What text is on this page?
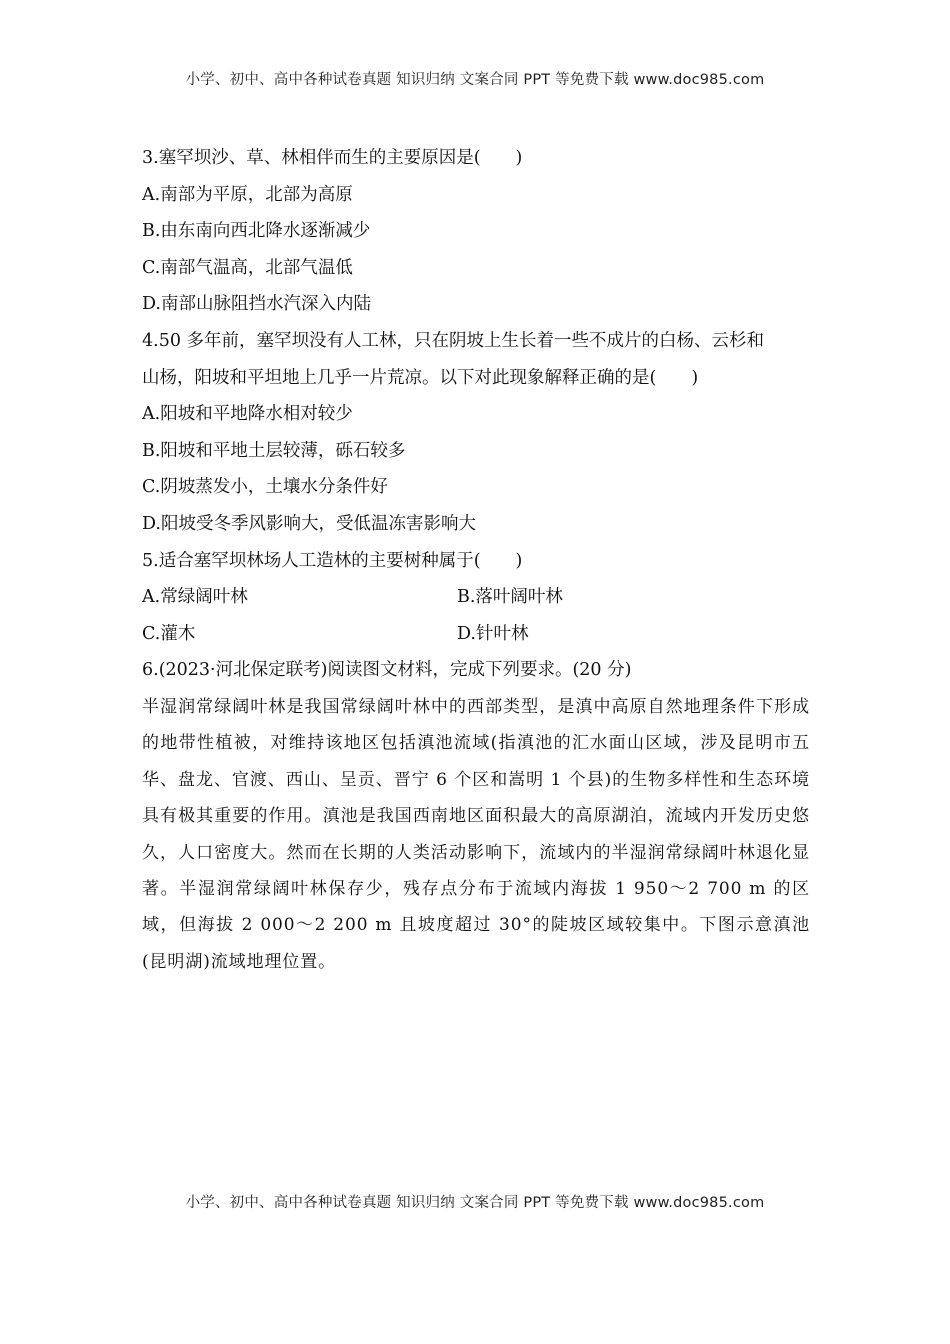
小学、初中、高中各种试卷真题 知识归纳 文案合同 PPT 等免费下载 www.doc985.com
3.塞罕坝沙、草、林相伴而生的主要原因是(　　)
A.南部为平原，北部为高原
B.由东南向西北降水逐渐减少
C.南部气温高，北部气温低
D.南部山脉阻挡水汽深入内陆
4.50 多年前，塞罕坝没有人工林，只在阴坡上生长着一些不成片的白杨、云杉和
山杨，阳坡和平坦地上几乎一片荒凉。以下对此现象解释正确的是(　　)
A.阳坡和平地降水相对较少
B.阳坡和平地土层较薄，砾石较多
C.阴坡蒸发小，土壤水分条件好
D.阳坡受冬季风影响大，受低温冻害影响大
5.适合塞罕坝林场人工造林的主要树种属于(　　)
A.常绿阔叶林	B.落叶阔叶林
C.灌木	D.针叶林
6.(2023·河北保定联考)阅读图文材料，完成下列要求。(20 分)
半湿润常绿阔叶林是我国常绿阔叶林中的西部类型，是滇中高原自然地理条件下形成的地带性植被，对维持该地区包括滇池流域(指滇池的汇水面山区域，涉及昆明市五华、盘龙、官渡、西山、呈贡、晋宁 6 个区和嵩明 1 个县)的生物多样性和生态环境具有极其重要的作用。滇池是我国西南地区面积最大的高原湖泊，流域内开发历史悠久，人口密度大。然而在长期的人类活动影响下，流域内的半湿润常绿阔叶林退化显著。半湿润常绿阔叶林保存少，残存点分布于流域内海拔 1 950～2 700 m 的区域，但海拔 2 000～2 200 m 且坡度超过 30°的陡坡区域较集中。下图示意滇池(昆明湖)流域地理位置。
小学、初中、高中各种试卷真题 知识归纳 文案合同 PPT 等免费下载 www.doc985.com
